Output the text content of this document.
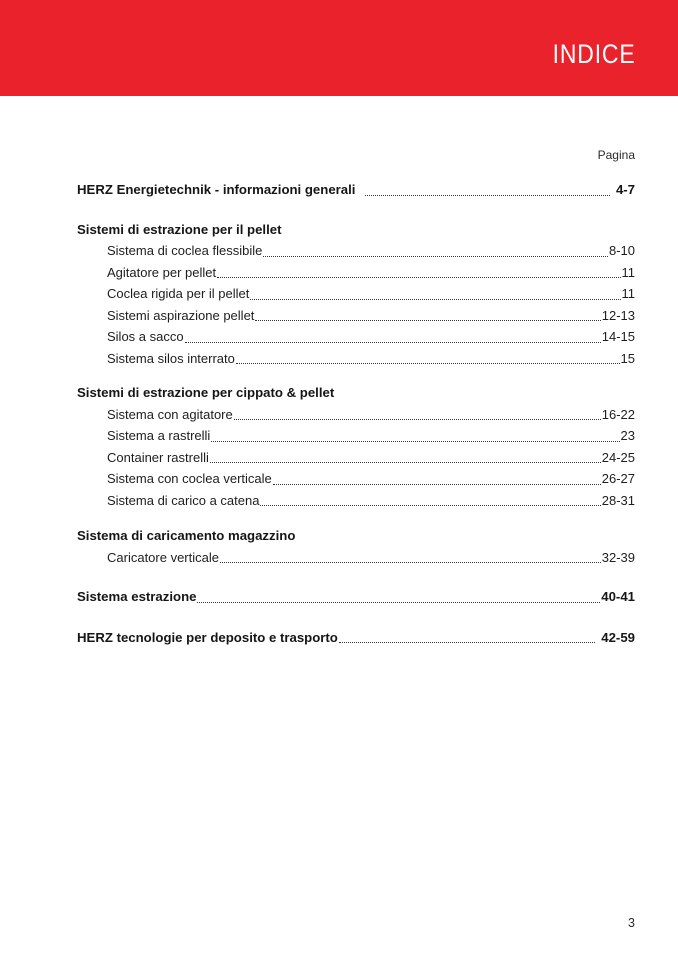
INDICE
Pagina
HERZ Energietechnik - informazioni generali	4-7
Sistemi di estrazione per il pellet
Sistema di coclea flessibile	8-10
Agitatore per pellet	11
Coclea rigida per il pellet	11
Sistemi aspirazione pellet	12-13
Silos a sacco	14-15
Sistema silos interrato	15
Sistemi di estrazione per cippato & pellet
Sistema con agitatore	16-22
Sistema a rastrelli	23
Container rastrelli	24-25
Sistema con coclea verticale	26-27
Sistema di carico a catena	28-31
Sistema di caricamento magazzino
Caricatore verticale	32-39
Sistema estrazione	40-41
HERZ tecnologie per deposito e trasporto	42-59
3
